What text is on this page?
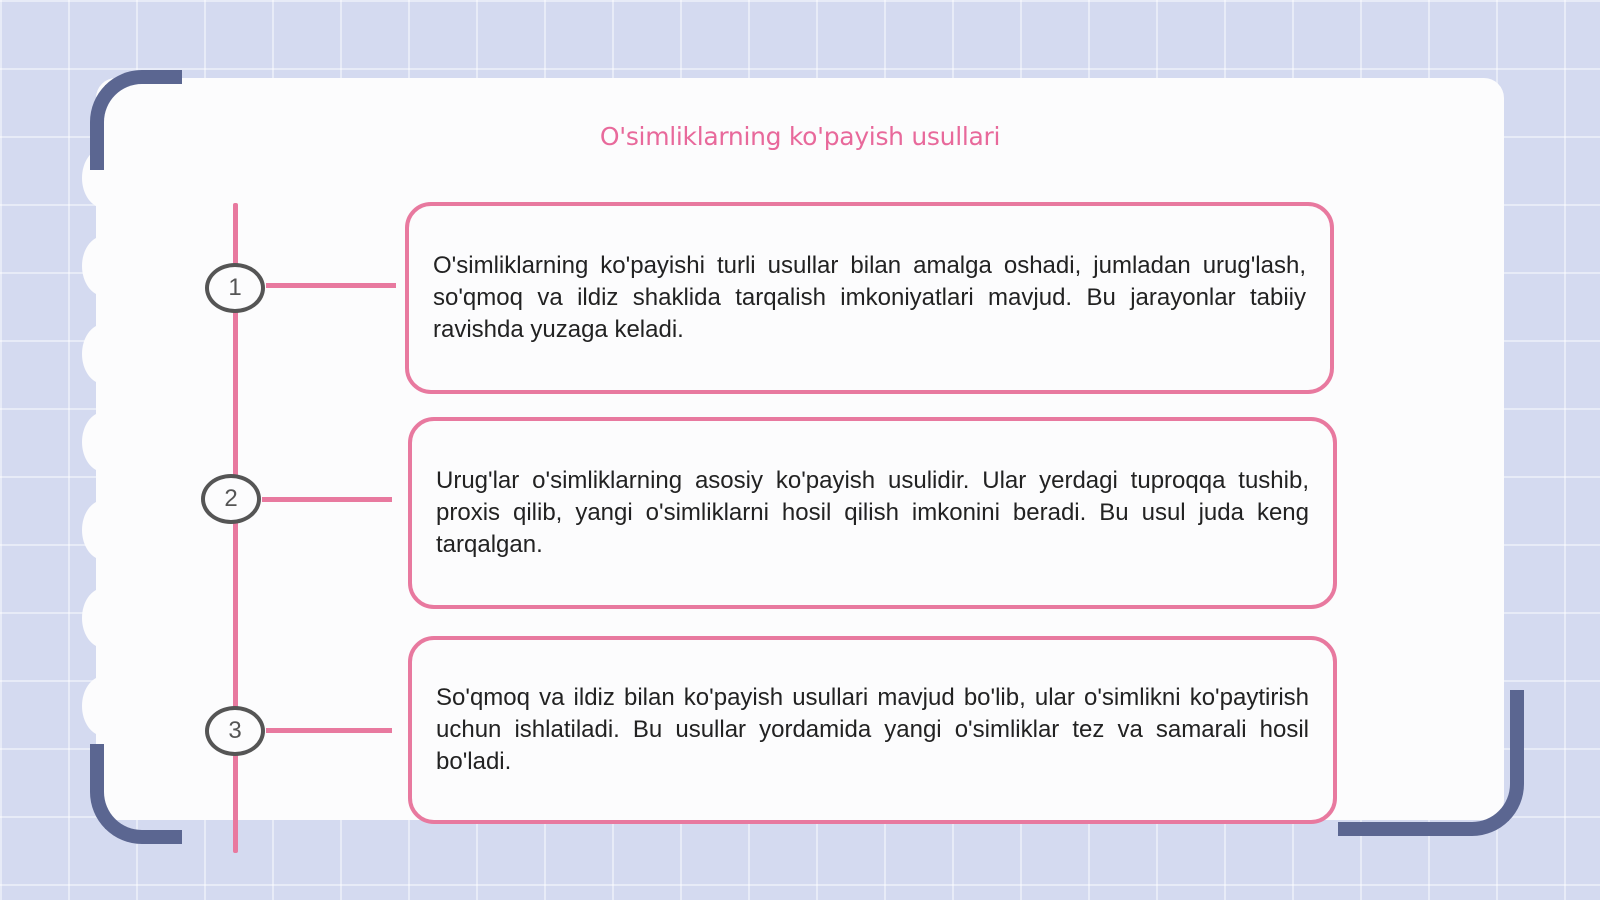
O'simliklarning ko'payish usullari
1
2
3
O'simliklarning ko'payishi turli usullar bilan amalga oshadi, jumladan urug'lash, so'qmoq va ildiz shaklida tarqalish imkoniyatlari mavjud. Bu jarayonlar tabiiy ravishda yuzaga keladi.
Urug'lar o'simliklarning asosiy ko'payish usulidir. Ular yerdagi tuproqqa tushib, proxis qilib, yangi o'simliklarni hosil qilish imkonini beradi. Bu usul juda keng tarqalgan.
So'qmoq va ildiz bilan ko'payish usullari mavjud bo'lib, ular o'simlikni ko'paytirish uchun ishlatiladi. Bu usullar yordamida yangi o'simliklar tez va samarali hosil bo'ladi.
